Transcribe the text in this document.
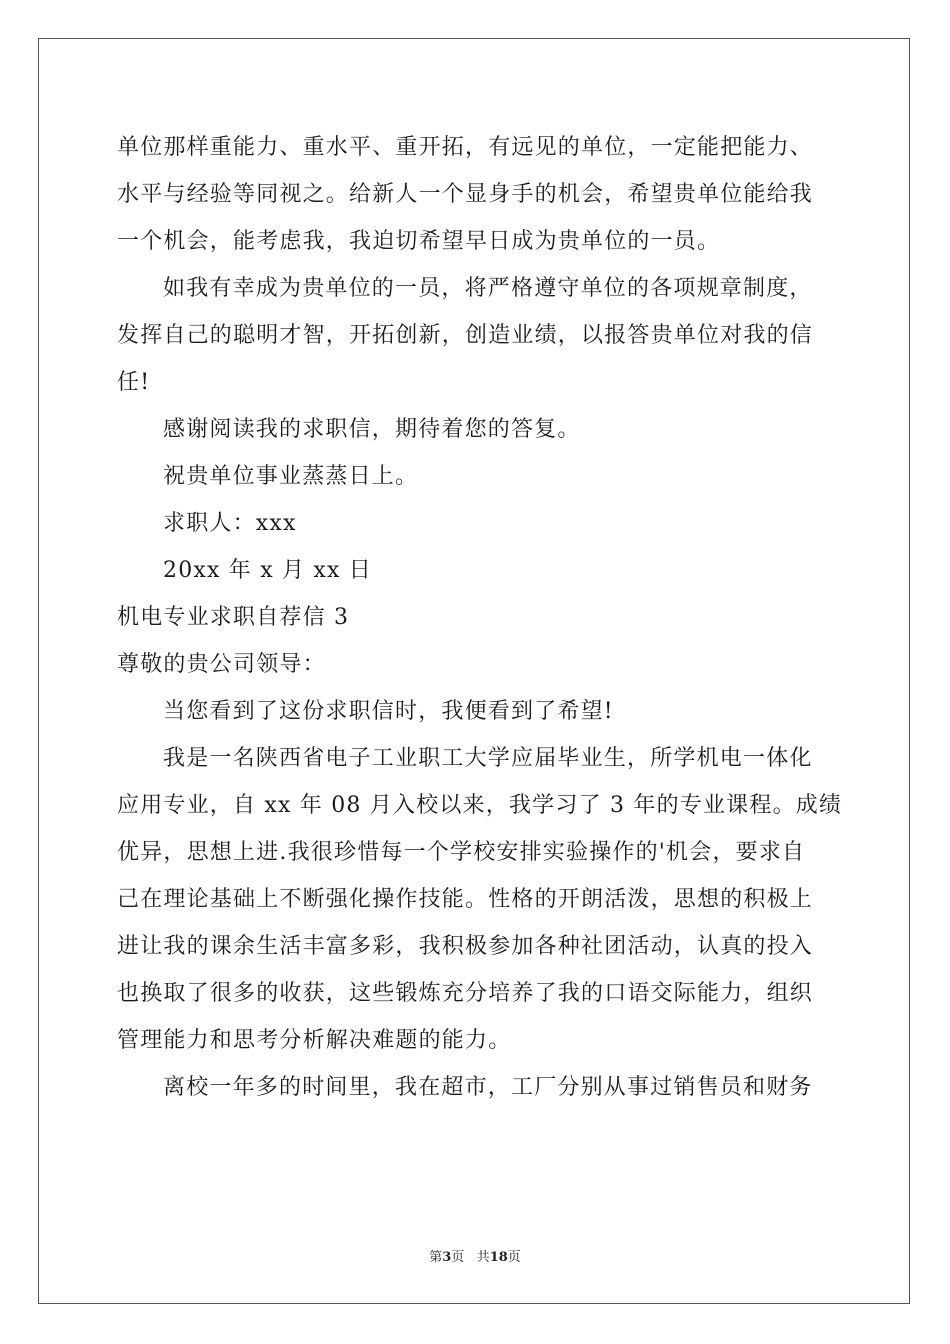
单位那样重能力、重水平、重开拓，有远见的单位，一定能把能力、
水平与经验等同视之。给新人一个显身手的机会，希望贵单位能给我
一个机会，能考虑我，我迫切希望早日成为贵单位的一员。
如我有幸成为贵单位的一员，将严格遵守单位的各项规章制度，
发挥自己的聪明才智，开拓创新，创造业绩，以报答贵单位对我的信
任!
感谢阅读我的求职信，期待着您的答复。
祝贵单位事业蒸蒸日上。
求职人：xxx
20xx 年 x 月 xx 日
机电专业求职自荐信 3
尊敬的贵公司领导：
当您看到了这份求职信时，我便看到了希望!
我是一名陕西省电子工业职工大学应届毕业生，所学机电一体化
应用专业，自 xx 年 08 月入校以来，我学习了 3 年的专业课程。成绩
优异，思想上进.我很珍惜每一个学校安排实验操作的'机会，要求自
己在理论基础上不断强化操作技能。性格的开朗活泼，思想的积极上
进让我的课余生活丰富多彩，我积极参加各种社团活动，认真的投入
也换取了很多的收获，这些锻炼充分培养了我的口语交际能力，组织
管理能力和思考分析解决难题的能力。
离校一年多的时间里，我在超市，工厂分别从事过销售员和财务
第3页 共18页
